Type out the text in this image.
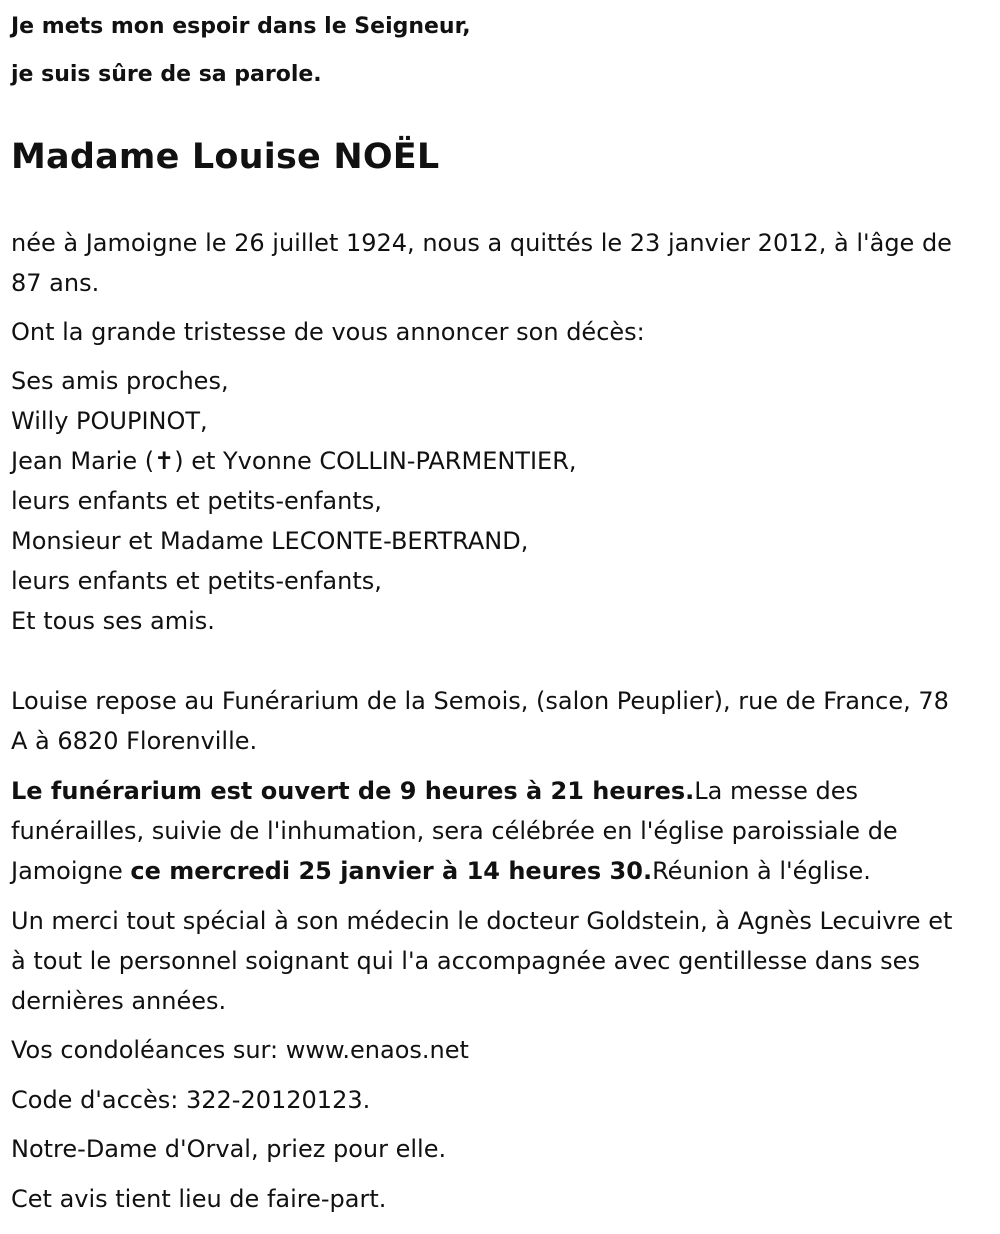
Je mets mon espoir dans le Seigneur,

je suis sûre de sa parole.

Madame Louise NOËL

née à Jamoigne le 26 juillet 1924, nous a quittés le 23 janvier 2012, à l'âge de 87 ans.

Ont la grande tristesse de vous annoncer son décès:

Ses amis proches,
Willy POUPINOT,
Jean Marie (✝) et Yvonne COLLIN-PARMENTIER,
leurs enfants et petits-enfants,
Monsieur et Madame LECONTE-BERTRAND,
leurs enfants et petits-enfants,
Et tous ses amis.

Louise repose au Funérarium de la Semois, (salon Peuplier), rue de France, 78 A à 6820 Florenville.

Le funérarium est ouvert de 9 heures à 21 heures.La messe des funérailles, suivie de l'inhumation, sera célébrée en l'église paroissiale de Jamoigne ce mercredi 25 janvier à 14 heures 30.Réunion à l'église.

Un merci tout spécial à son médecin le docteur Goldstein, à Agnès Lecuivre et à tout le personnel soignant qui l'a accompagnée avec gentillesse dans ses dernières années.

Vos condoléances sur: www.enaos.net

Code d'accès: 322-20120123.

Notre-Dame d'Orval, priez pour elle.

Cet avis tient lieu de faire-part.
